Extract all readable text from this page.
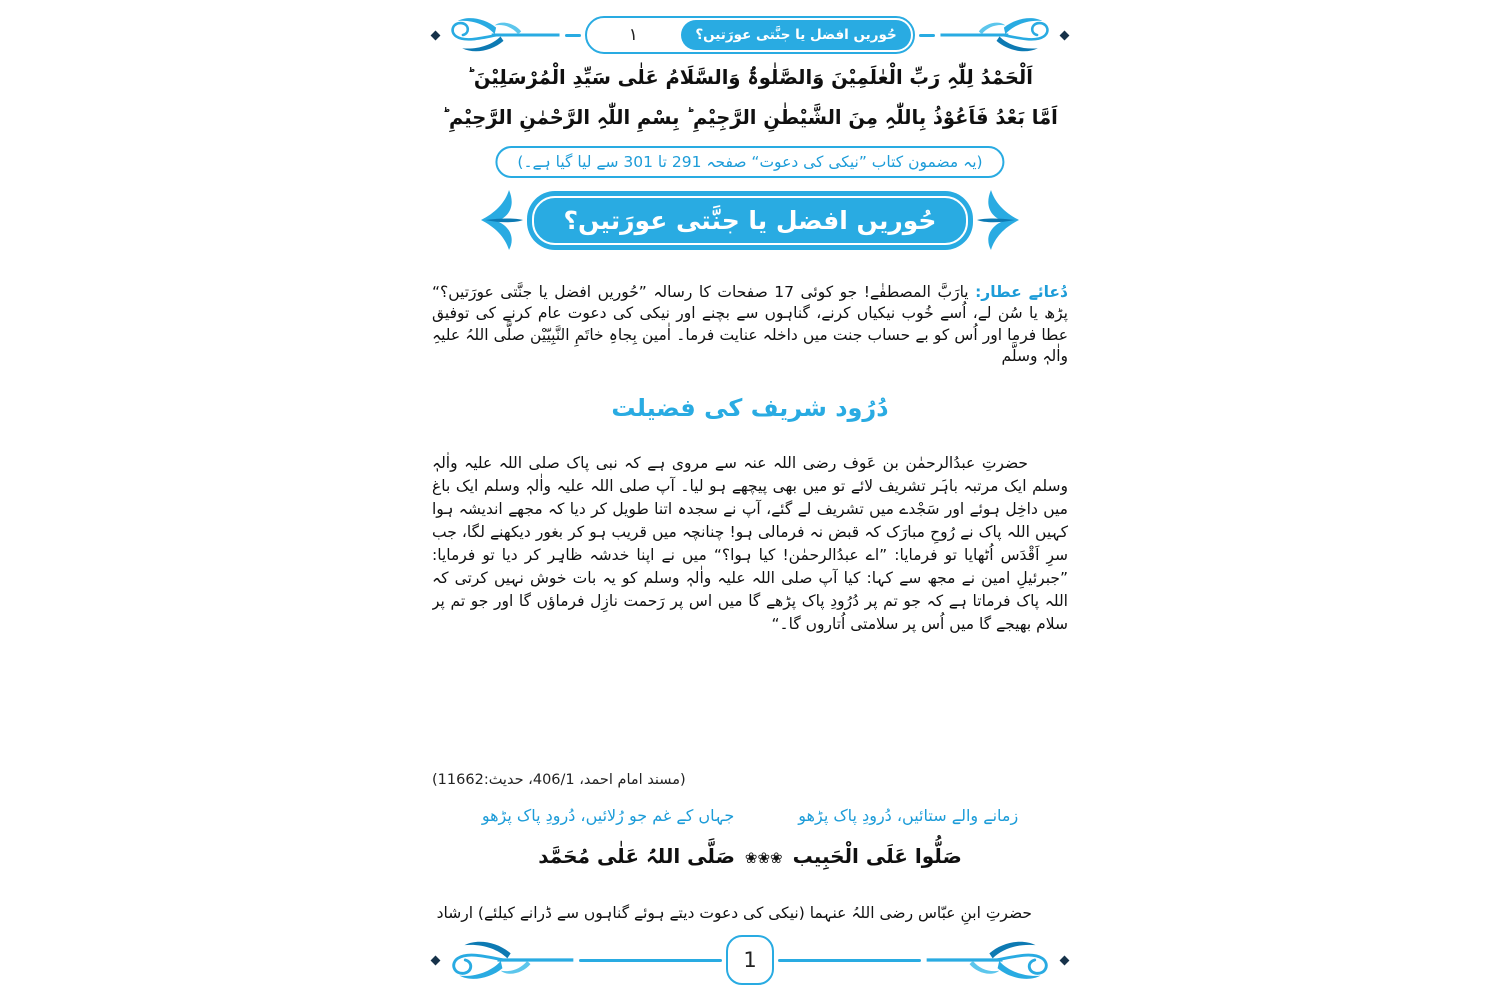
حُوریں افضل یا جنَّتی عورَتیں؟
١
اَلْحَمْدُ لِلّٰہِ رَبِّ الْعٰلَمِیْنَ وَالصَّلٰوۃُ وَالسَّلَامُ عَلٰی سَیِّدِ الْمُرْسَلِیْنَ ؕ
اَمَّا بَعْدُ فَاَعُوْذُ بِاللّٰہِ مِنَ الشَّیْطٰنِ الرَّجِیْمِ ؕ بِسْمِ اللّٰہِ الرَّحْمٰنِ الرَّحِیْمِ ؕ
(یہ مضمون کتاب ”نیکی کی دعوت“ صفحہ 291 تا 301 سے لیا گیا ہے۔)
حُوریں افضل یا جنَّتی عورَتیں؟

دُعائے عطار: یارَبَّ المصطفٰے! جو کوئی 17 صفحات کا رسالہ ”حُوریں افضل یا جنَّتی عورَتیں؟“ پڑھ یا سُن لے، اُسے خُوب نیکیاں کرنے، گناہوں سے بچنے اور نیکی کی دعوت عام کرنے کی توفیق عطا فرما اور اُس کو بے حساب جنت میں داخلہ عنایت فرما۔ اٰمین بِجاہِ خاتَمِ النَّبِیّیْن صلَّی اللہُ علیہِ واٰلہٖ وسلَّم

دُرُود شریف کی فضیلت

حضرتِ عبدُالرحمٰن بن عَوف رضی اللہ عنہ سے مروی ہے کہ نبی پاک صلی اللہ علیہ واٰلہٖ وسلم ایک مرتبہ باہَر تشریف لائے تو میں بھی پیچھے ہو لیا۔ آپ صلی اللہ علیہ واٰلہٖ وسلم ایک باغ میں داخِل ہوئے اور سَجْدے میں تشریف لے گئے، آپ نے سجدہ اتنا طویل کر دیا کہ مجھے اندیشہ ہوا کہیں اللہ پاک نے رُوحِ مبارَک کہ قبض نہ فرمالی ہو! چنانچہ میں قریب ہو کر بغور دیکھنے لگا، جب سرِ اَقْدَس اُٹھایا تو فرمایا: ”اے عبدُالرحمٰن! کیا ہوا؟“ میں نے اپنا خدشہ ظاہِر کر دیا تو فرمایا: ”جبرئیلِ امین نے مجھ سے کہا: کیا آپ صلی اللہ علیہ واٰلہٖ وسلم کو یہ بات خوش نہیں کرتی کہ اللہ پاک فرماتا ہے کہ جو تم پر دُرُودِ پاک پڑھے گا میں اس پر رَحمت نازِل فرماؤں گا اور جو تم پر سلام بھیجے گا میں اُس پر سلامتی اُتاروں گا۔“

(مسند امام احمد، 406/1، حدیث:11662)
زمانے والے ستائیں، دُرودِ پاک پڑھو
جہاں کے غم جو رُلائیں، دُرودِ پاک پڑھو
صَلُّوا عَلَی الْحَبِیب❀❀❀صَلَّی اللہُ عَلٰی مُحَمَّد

حضرتِ ابنِ عبّاس رضی اللہُ عنہما (نیکی کی دعوت دیتے ہوئے گناہوں سے ڈرانے کیلئے) ارشاد

1
